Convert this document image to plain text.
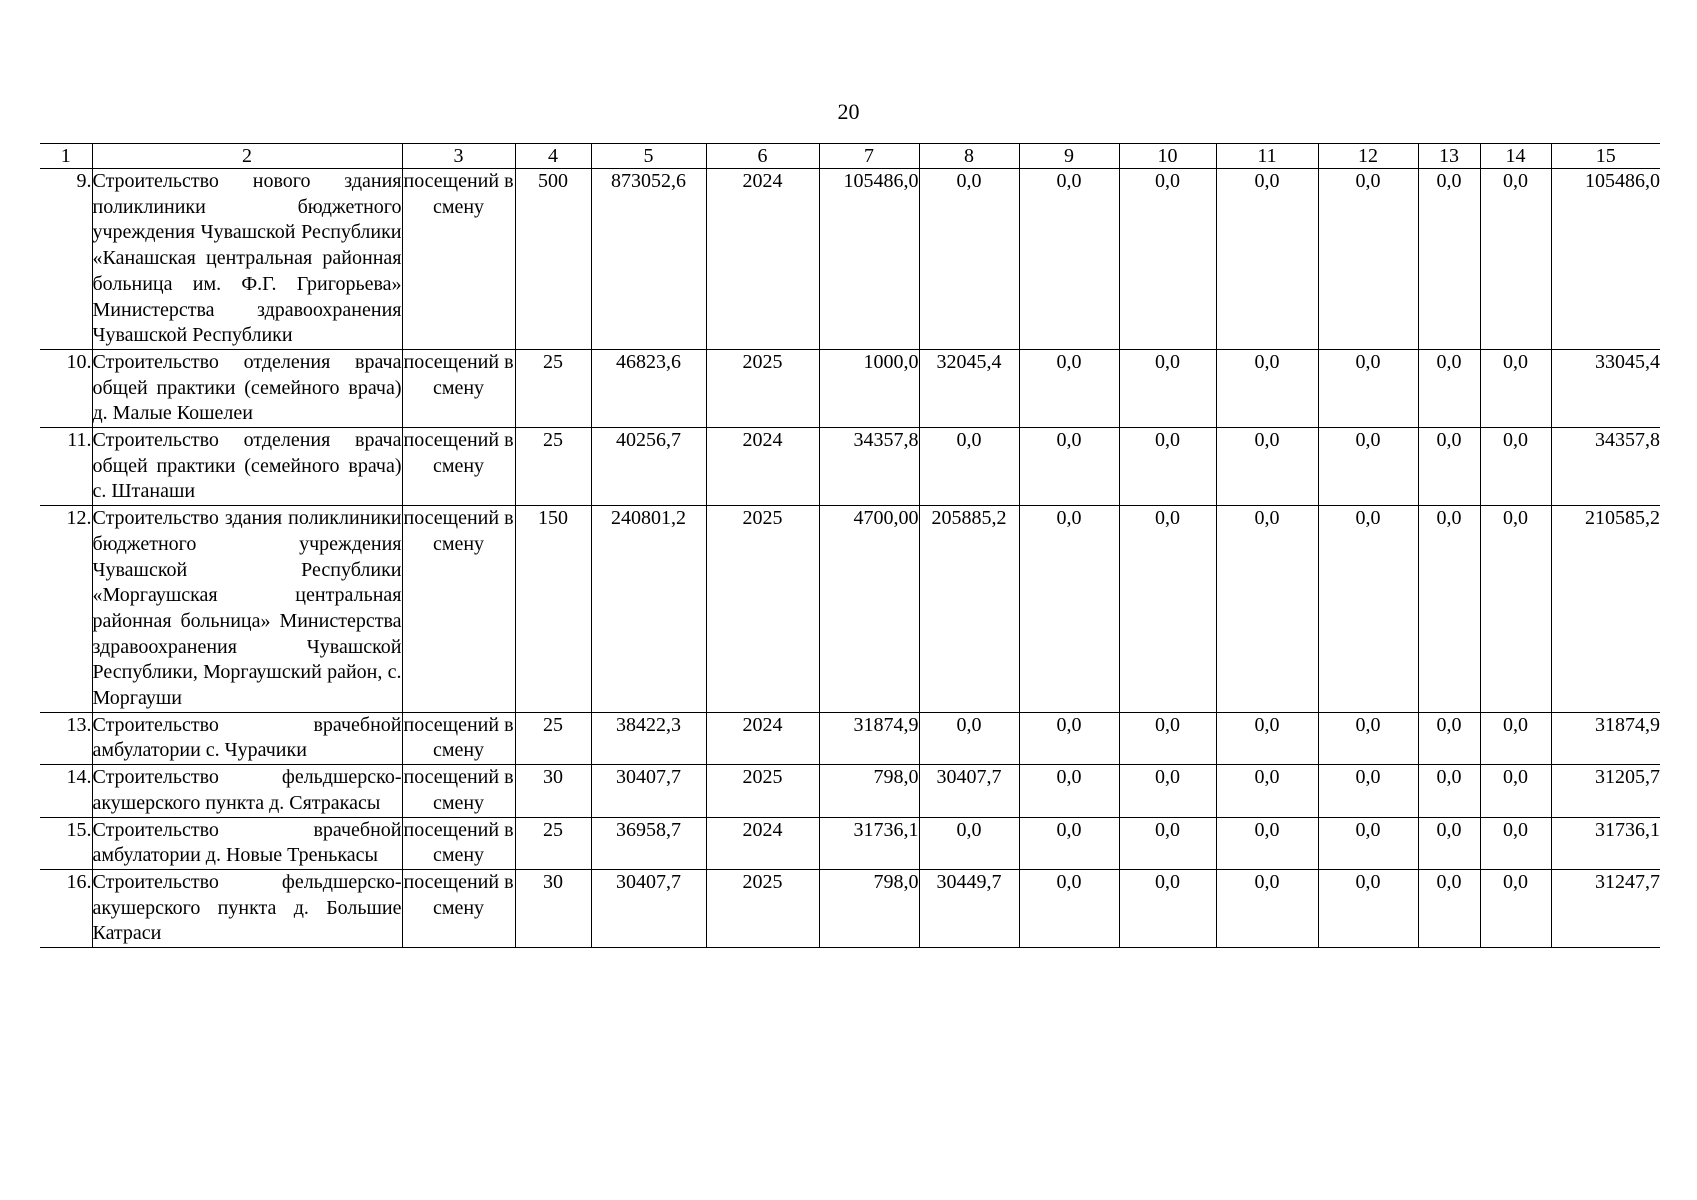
20
1	2	3	4	5	6	7	8	9	10	11	12	13	14	15
9.	Строительство нового здания поликлиники бюджетного учреждения Чувашской Республики «Канашская центральная районная больница им. Ф.Г. Григорьева» Министерства здравоохранения Чувашской Республики	посещений в смену	500	873052,6	2024	105486,0	0,0	0,0	0,0	0,0	0,0	0,0	0,0	105486,0
10.	Строительство отделения врача общей практики (семейного врача) д. Малые Кошелеи	посещений в смену	25	46823,6	2025	1000,0	32045,4	0,0	0,0	0,0	0,0	0,0	0,0	33045,4
11.	Строительство отделения врача общей практики (семейного врача) с. Штанаши	посещений в смену	25	40256,7	2024	34357,8	0,0	0,0	0,0	0,0	0,0	0,0	0,0	34357,8
12.	Строительство здания поликлиники бюджетного учреждения Чувашской Республики «Моргаушская центральная районная больница» Министерства здравоохранения Чувашской Республики, Моргаушский район, с. Моргауши	посещений в смену	150	240801,2	2025	4700,00	205885,2	0,0	0,0	0,0	0,0	0,0	0,0	210585,2
13.	Строительство врачебной амбулатории с. Чурачики	посещений в смену	25	38422,3	2024	31874,9	0,0	0,0	0,0	0,0	0,0	0,0	0,0	31874,9
14.	Строительство фельдшерско-акушерского пункта д. Сятракасы	посещений в смену	30	30407,7	2025	798,0	30407,7	0,0	0,0	0,0	0,0	0,0	0,0	31205,7
15.	Строительство врачебной амбулатории д. Новые Тренькасы	посещений в смену	25	36958,7	2024	31736,1	0,0	0,0	0,0	0,0	0,0	0,0	0,0	31736,1
16.	Строительство фельдшерско-акушерского пункта д. Большие Катраси	посещений в смену	30	30407,7	2025	798,0	30449,7	0,0	0,0	0,0	0,0	0,0	0,0	31247,7
